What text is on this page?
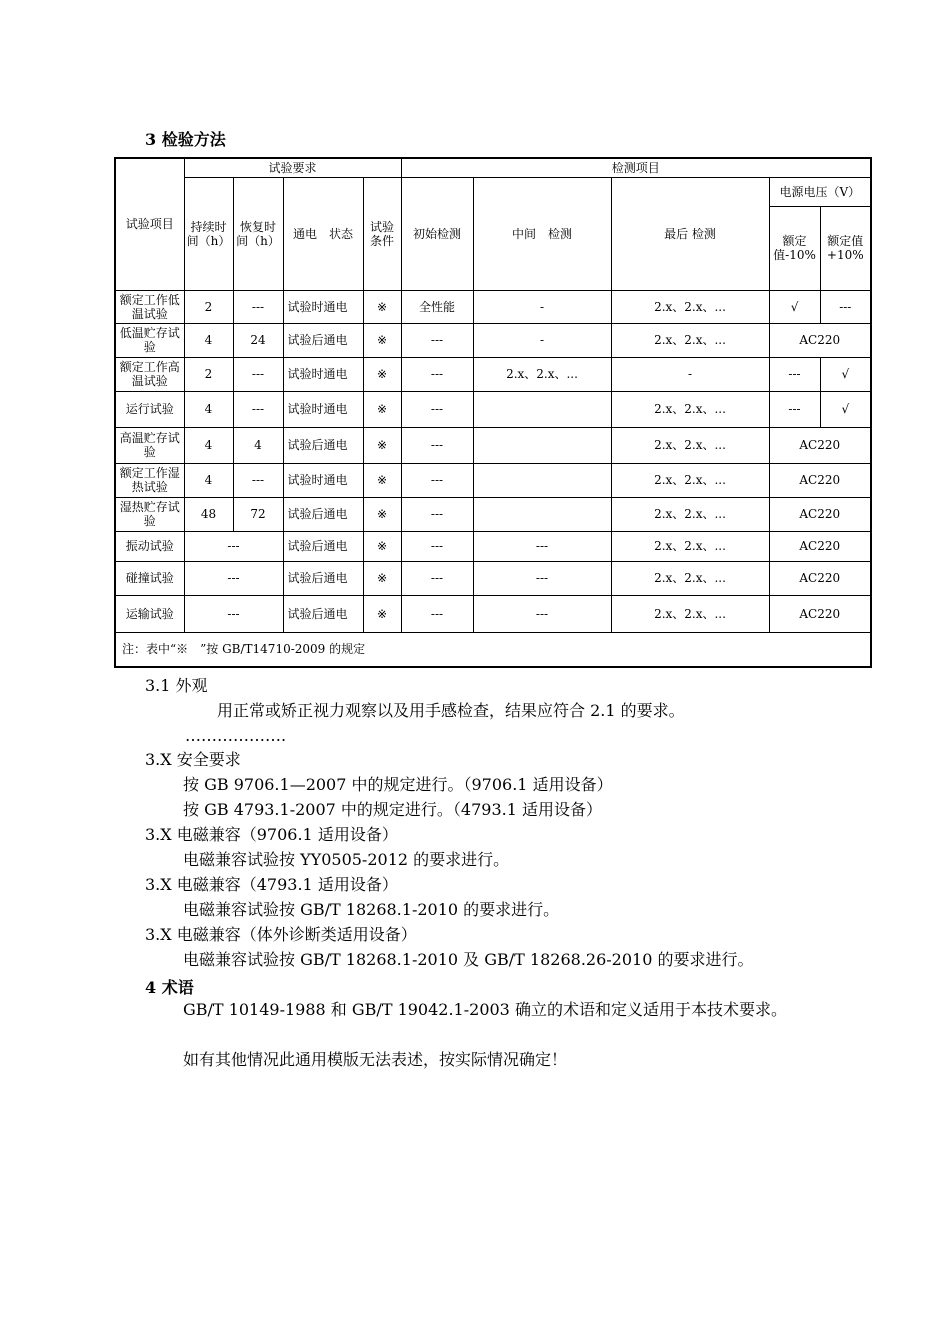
3 检验方法
试验项目	试验要求				检测项目				
	持续时间（h）	恢复时间（h）	通电　状态	试验条件	初始检测	中间　检测	最后 检测	电源电压（V）	
								额定值-10%	额定值+10%
额定工作低温试验	2	---	试验时通电	※	全性能	-	2.x、2.x、...	√	---
低温贮存试验	4	24	试验后通电	※	---	-	2.x、2.x、...	AC220	
额定工作高温试验	2	---	试验时通电	※	---	2.x、2.x、...	-	---	√
运行试验	4	---	试验时通电	※	---		2.x、2.x、...	---	√
高温贮存试验	4	4	试验后通电	※	---		2.x、2.x、...	AC220	
额定工作湿热试验	4	---	试验时通电	※	---		2.x、2.x、...	AC220	
湿热贮存试验	48	72	试验后通电	※	---		2.x、2.x、...	AC220	
振动试验	---		试验后通电	※	---	---	2.x、2.x、...	AC220	
碰撞试验	---		试验后通电	※	---	---	2.x、2.x、...	AC220	
运输试验	---		试验后通电	※	---	---	2.x、2.x、...	AC220	
注：表中“※　”按 GB/T14710-2009 的规定									

3.1 外观

用正常或矫正视力观察以及用手感检查，结果应符合 2.1 的要求。

……………….

3.X 安全要求

按 GB 9706.1—2007 中的规定进行。（9706.1 适用设备）

按 GB 4793.1-2007 中的规定进行。（4793.1 适用设备）

3.X 电磁兼容（9706.1 适用设备）

电磁兼容试验按 YY0505-2012 的要求进行。

3.X 电磁兼容（4793.1 适用设备）

电磁兼容试验按 GB/T 18268.1-2010 的要求进行。

3.X 电磁兼容（体外诊断类适用设备）

电磁兼容试验按 GB/T 18268.1-2010 及 GB/T 18268.26-2010 的要求进行。

4 术语

GB/T 10149-1988 和 GB/T 19042.1-2003 确立的术语和定义适用于本技术要求。

如有其他情况此通用模版无法表述，按实际情况确定！
